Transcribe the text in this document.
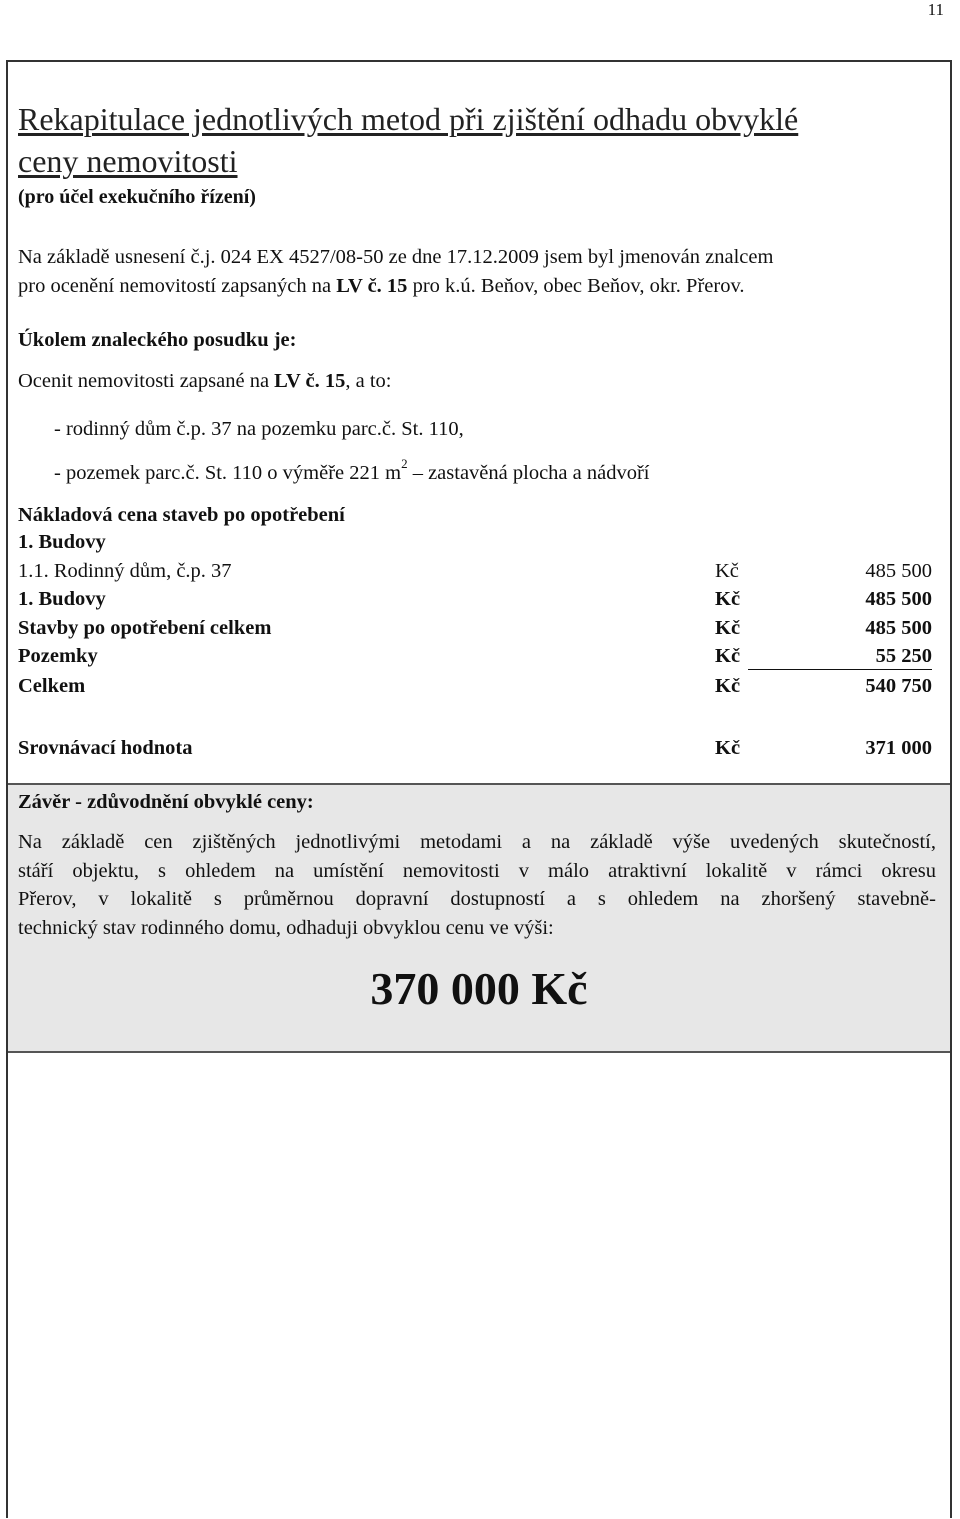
11
Rekapitulace jednotlivých metod při zjištění odhadu obvyklé
ceny nemovitosti
(pro účel exekučního řízení)
Na základě usnesení č.j. 024 EX 4527/08-50 ze dne 17.12.2009 jsem byl jmenován znalcem
pro ocenění nemovitostí zapsaných na LV č. 15 pro k.ú. Beňov, obec Beňov, okr. Přerov.
Úkolem znaleckého posudku je:
Ocenit nemovitosti zapsané na LV č. 15, a to:
- rodinný dům č.p. 37 na pozemku parc.č. St. 110,
- pozemek parc.č. St. 110 o výměře 221 $m^2$ – zastavěná plocha a nádvoří
Nákladová cena staveb po opotřebení
1. Budovy
1.1. Rodinný dům, č.p. 37	Kč	485 500
1. Budovy	Kč	485 500
Stavby po opotřebení celkem	Kč	485 500
Pozemky	Kč	55 250
Celkem	Kč	540 750
Srovnávací hodnota	Kč	371 000
Závěr - zdůvodnění obvyklé ceny:
Na základě cen zjištěných jednotlivými metodami a na základě výše uvedených skutečností,
stáří objektu, s ohledem na umístění nemovitosti v málo atraktivní lokalitě v rámci okresu
Přerov, v lokalitě s průměrnou dopravní dostupností a s ohledem na zhoršený stavebně-
technický stav rodinného domu, odhaduji obvyklou cenu ve výši:
370 000 Kč
